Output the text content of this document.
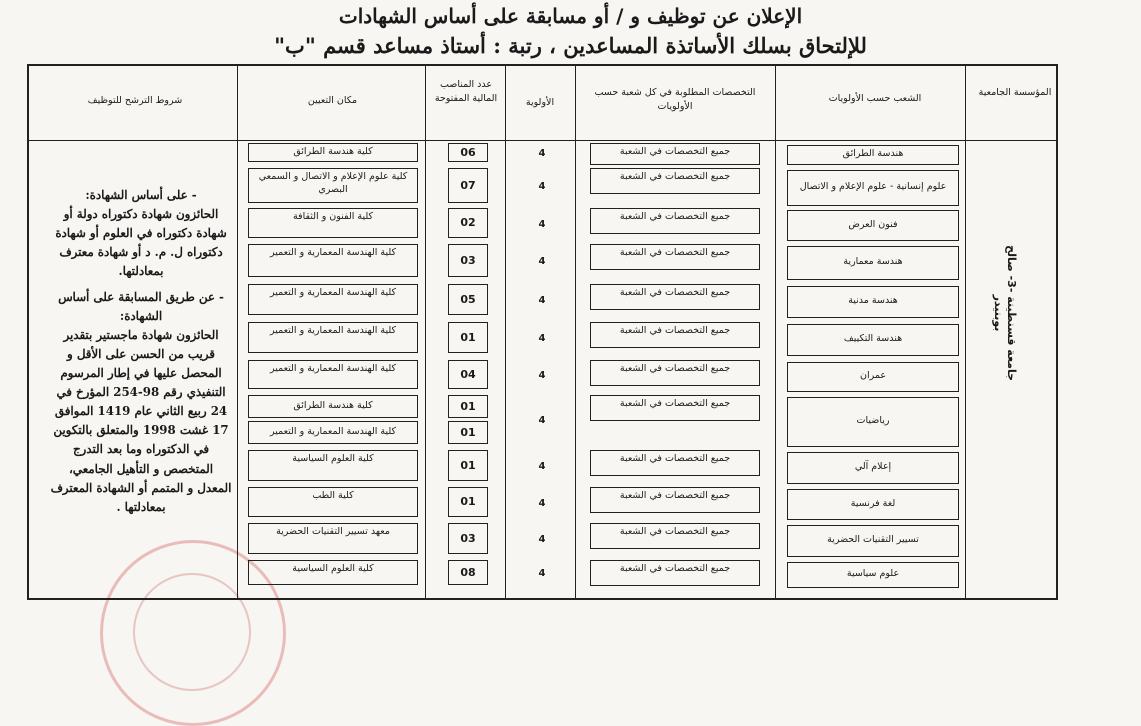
الإعلان عن توظيف و / أو مسابقة على أساس الشهادات
للإلتحاق بسلك الأساتذة المساعدين ، رتبة : أستاذ مساعد قسم "ب"
المؤسسة الجامعية
الشعب حسب الأولويات
التخصصات المطلوبة في كل شعبة حسب الأولويات
الأولوية
عدد المناصب المالية المفتوحة
مكان التعيين
شروط الترشح للتوظيف
جامعة قسنطينة -3- صالح بوبنيدر

- على أساس الشهادة:

الحائزون شهادة دكتوراه دولة أو شهادة دكتوراه في العلوم أو شهادة دكتوراه ل. م. د أو شهادة معترف بمعادلتها.

- عن طريق المسابقة على أساس الشهادة:

الحائزون شهادة ماجستير بتقدير قريب من الحسن على الأقل و المحصل عليها في إطار المرسوم التنفيذي رقم 98-254 المؤرخ في 24 ربيع الثاني عام 1419 الموافق 17 غشت 1998 والمتعلق بالتكوين في الدكتوراه وما بعد التدرج المتخصص و التأهيل الجامعي، المعدل و المتمم أو الشهادة المعترف بمعادلتها .

هندسة الطرائق
جميع التخصصات في الشعبة
4
06
كلية هندسة الطرائق
علوم إنسانية - علوم الإعلام و الاتصال
جميع التخصصات في الشعبة
4
07
كلية علوم الإعلام و الاتصال و السمعي البصري
فنون العرض
جميع التخصصات في الشعبة
4
02
كلية الفنون و الثقافة
هندسة معمارية
جميع التخصصات في الشعبة
4
03
كلية الهندسة المعمارية و التعمير
هندسة مدنية
جميع التخصصات في الشعبة
4
05
كلية الهندسة المعمارية و التعمير
هندسة التكييف
جميع التخصصات في الشعبة
4
01
كلية الهندسة المعمارية و التعمير
عمران
جميع التخصصات في الشعبة
4
04
كلية الهندسة المعمارية و التعمير
رياضيات
جميع التخصصات في الشعبة
4
01
كلية هندسة الطرائق
01
كلية الهندسة المعمارية و التعمير
إعلام آلي
جميع التخصصات في الشعبة
4
01
كلية العلوم السياسية
لغة فرنسية
جميع التخصصات في الشعبة
4
01
كلية الطب
تسيير التقنيات الحضرية
جميع التخصصات في الشعبة
4
03
معهد تسيير التقنيات الحضرية
علوم سياسية
جميع التخصصات في الشعبة
4
08
كلية العلوم السياسية
